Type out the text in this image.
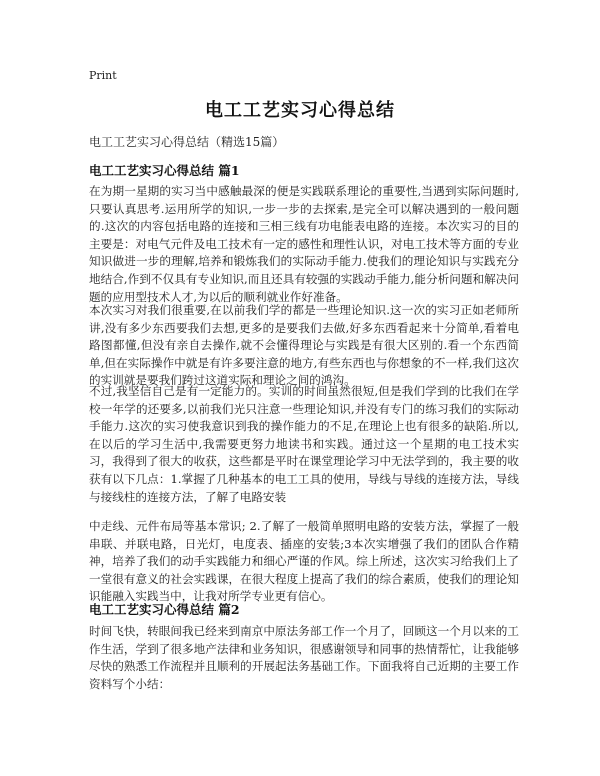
Print
电工工艺实习心得总结
电工工艺实习心得总结（精选15篇）
电工工艺实习心得总结 篇1
在为期一星期的实习当中感触最深的便是实践联系理论的重要性,当遇到实际问题时,只要认真思考.运用所学的知识,一步一步的去探索,是完全可以解决遇到的一般问题的.这次的内容包括电路的连接和三相三线有功电能表电路的连接。本次实习的目的主要是：对电气元件及电工技术有一定的感性和理性认识，对电工技术等方面的专业知识做进一步的理解,培养和锻炼我们的实际动手能力.使我们的理论知识与实践充分地结合,作到不仅具有专业知识,而且还具有较强的实践动手能力,能分析问题和解决问题的应用型技术人才,为以后的顺利就业作好准备。
本次实习对我们很重要,在以前我们学的都是一些理论知识.这一次的实习正如老师所讲,没有多少东西要我们去想,更多的是要我们去做,好多东西看起来十分简单,看着电路图都懂,但没有亲自去操作,就不会懂得理论与实践是有很大区别的.看一个东西简单,但在实际操作中就是有许多要注意的地方,有些东西也与你想象的不一样,我们这次的实训就是要我们跨过这道实际和理论之间的鸿沟。
不过,我坚信自己是有一定能力的。实训的时间虽然很短,但是我们学到的比我们在学校一年学的还要多,以前我们光只注意一些理论知识,并没有专门的练习我们的实际动手能力.这次的实习使我意识到我的操作能力的不足,在理论上也有很多的缺陷.所以,在以后的学习生活中,我需要更努力地读书和实践。通过这一个星期的电工技术实习，我得到了很大的收获，这些都是平时在课堂理论学习中无法学到的，我主要的收获有以下几点：1.掌握了几种基本的电工工具的使用，导线与导线的连接方法，导线与接线柱的连接方法，了解了电路安装
中走线、元件布局等基本常识; 2.了解了一般简单照明电路的安装方法，掌握了一般串联、并联电路，日光灯，电度表、插座的安装;3本次实增强了我们的团队合作精神，培养了我们的动手实践能力和细心严谨的作风。综上所述，这次实习给我们上了一堂很有意义的社会实践课，在很大程度上提高了我们的综合素质，使我们的理论知识能融入实践当中，让我对所学专业更有信心。
电工工艺实习心得总结 篇2
时间飞快，转眼间我已经来到南京中原法务部工作一个月了，回顾这一个月以来的工作生活，学到了很多地产法律和业务知识，很感谢领导和同事的热情帮忙，让我能够尽快的熟悉工作流程并且顺利的开展起法务基础工作。下面我将自己近期的主要工作资料写个小结：
